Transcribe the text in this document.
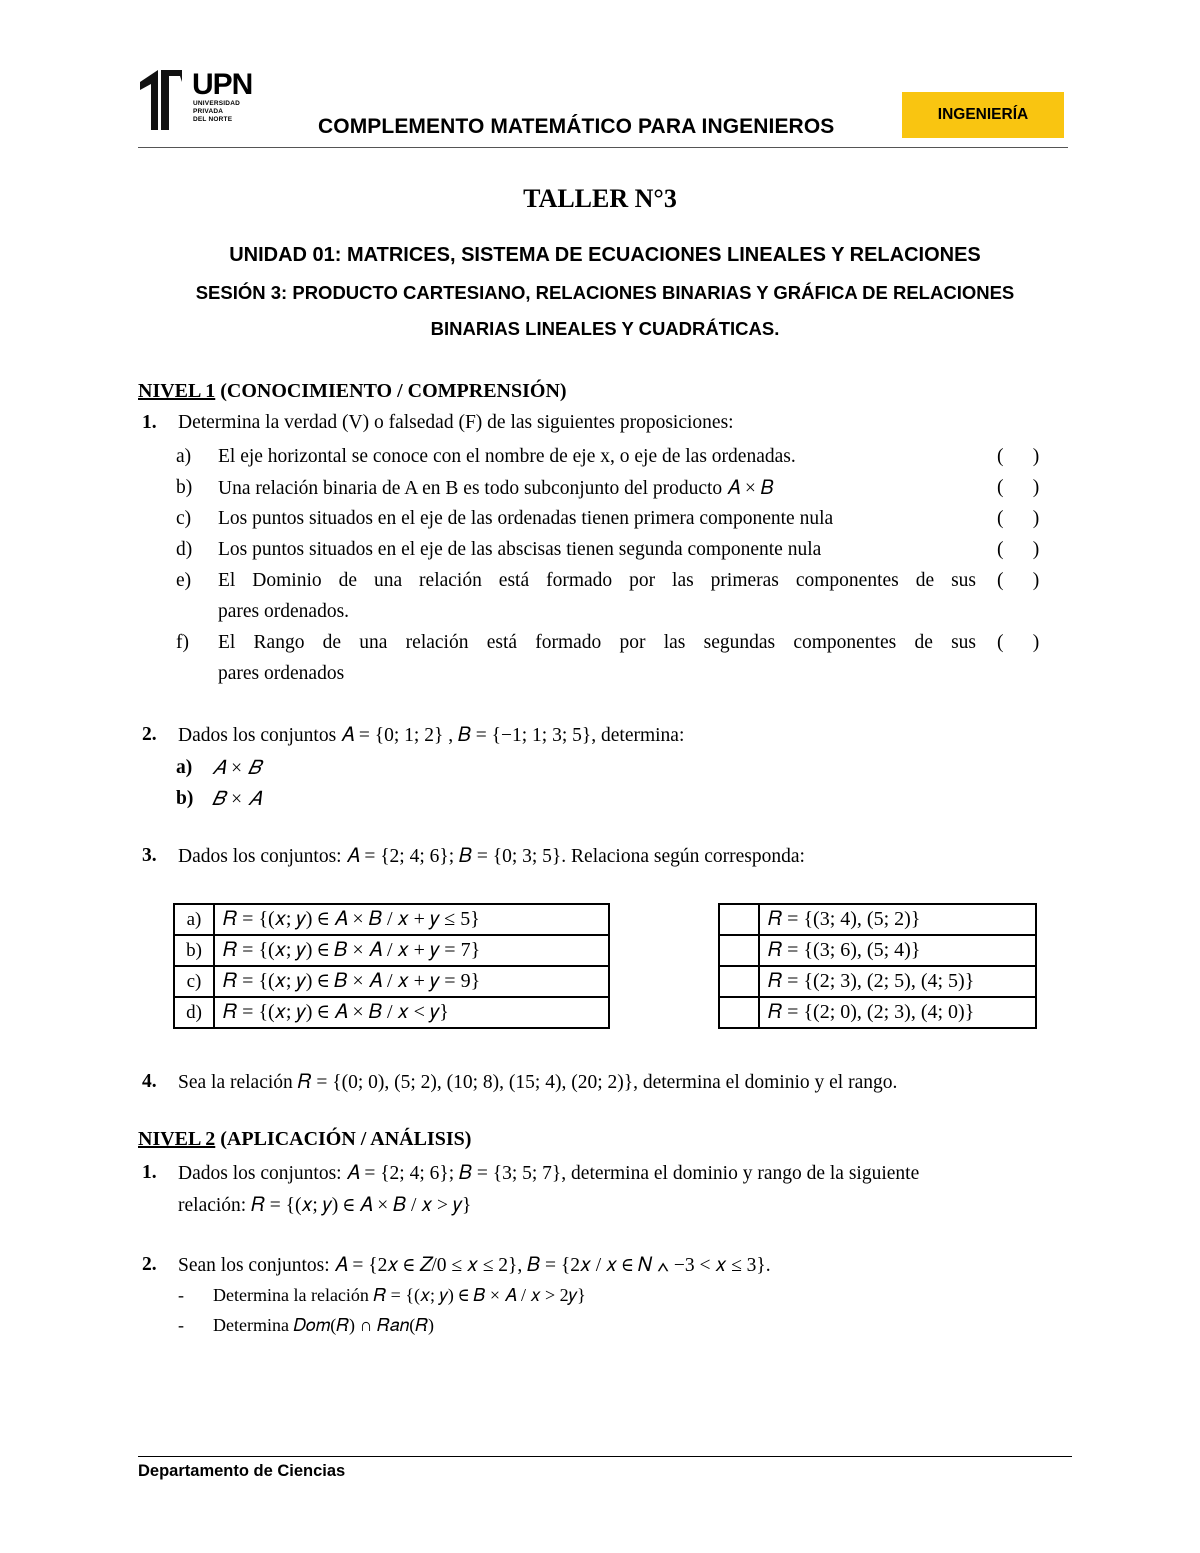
UPN
UNIVERSIDAD
PRIVADA
DEL NORTE	COMPLEMENTO MATEMÁTICO PARA INGENIEROS
INGENIERÍA
TALLER N°3
UNIDAD 01: MATRICES, SISTEMA DE ECUACIONES LINEALES Y RELACIONES
SESIÓN 3: PRODUCTO CARTESIANO, RELACIONES BINARIAS Y GRÁFICA DE RELACIONES
BINARIAS LINEALES Y CUADRÁTICAS.
NIVEL 1 (CONOCIMIENTO / COMPRENSIÓN)
1. Determina la verdad (V) o falsedad (F) de las siguientes proposiciones:
a) El eje horizontal se conoce con el nombre de eje x, o eje de las ordenadas.	(      )
b) Una relación binaria de A en B es todo subconjunto del producto 𝐴 × 𝐵	(      )
c) Los puntos situados en el eje de las ordenadas tienen primera componente nula	(      )
d) Los puntos situados en el eje de las abscisas tienen segunda componente nula	(      )
e) El Dominio de una relación está formado por las primeras componentes de sus
pares ordenados.
(      )
f) El Rango de una relación está formado por las segundas componentes de sus
pares ordenados
(      )
2. Dados los conjuntos 𝐴 = {0; 1; 2} , 𝐵 = {−1; 1; 3; 5}, determina:
a) 𝐴 × 𝐵
b) 𝐵 × 𝐴
3. Dados los conjuntos: 𝐴 = {2; 4; 6}; 𝐵 = {0; 3; 5}. Relaciona según corresponda:
a)	𝑅 = {(𝑥; 𝑦) ∈ 𝐴 × 𝐵 / 𝑥 + 𝑦 ≤ 5}
b)	𝑅 = {(𝑥; 𝑦) ∈ 𝐵 × 𝐴 / 𝑥 + 𝑦 = 7}
c)	𝑅 = {(𝑥; 𝑦) ∈ 𝐵 × 𝐴 / 𝑥 + 𝑦 = 9}
d)	𝑅 = {(𝑥; 𝑦) ∈ 𝐴 × 𝐵 / 𝑥 < 𝑦}
	𝑅 = {(3; 4), (5; 2)}
	𝑅 = {(3; 6), (5; 4)}
	𝑅 = {(2; 3), (2; 5), (4; 5)}
	𝑅 = {(2; 0), (2; 3), (4; 0)}
4. Sea la relación 𝑅 = {(0; 0), (5; 2), (10; 8), (15; 4), (20; 2)}, determina el dominio y el rango.
NIVEL 2 (APLICACIÓN / ANÁLISIS)
1. Dados los conjuntos: 𝐴 = {2; 4; 6}; 𝐵 = {3; 5; 7}, determina el dominio y rango de la siguiente
relación: 𝑅 = {(𝑥; 𝑦) ∈ 𝐴 × 𝐵 / 𝑥 > 𝑦}
2. Sean los conjuntos: 𝐴 = {2𝑥 ∈ 𝑍/0 ≤ 𝑥 ≤ 2}, 𝐵 = {2𝑥 / 𝑥 ∈ 𝑁 ∧ −3 < 𝑥 ≤ 3}.
- Determina la relación 𝑅 = {(𝑥; 𝑦) ∈ 𝐵 × 𝐴 / 𝑥 > 2𝑦}
- Determina 𝐷𝑜𝑚(𝑅) ∩ 𝑅𝑎𝑛(𝑅)
Departamento de Ciencias
